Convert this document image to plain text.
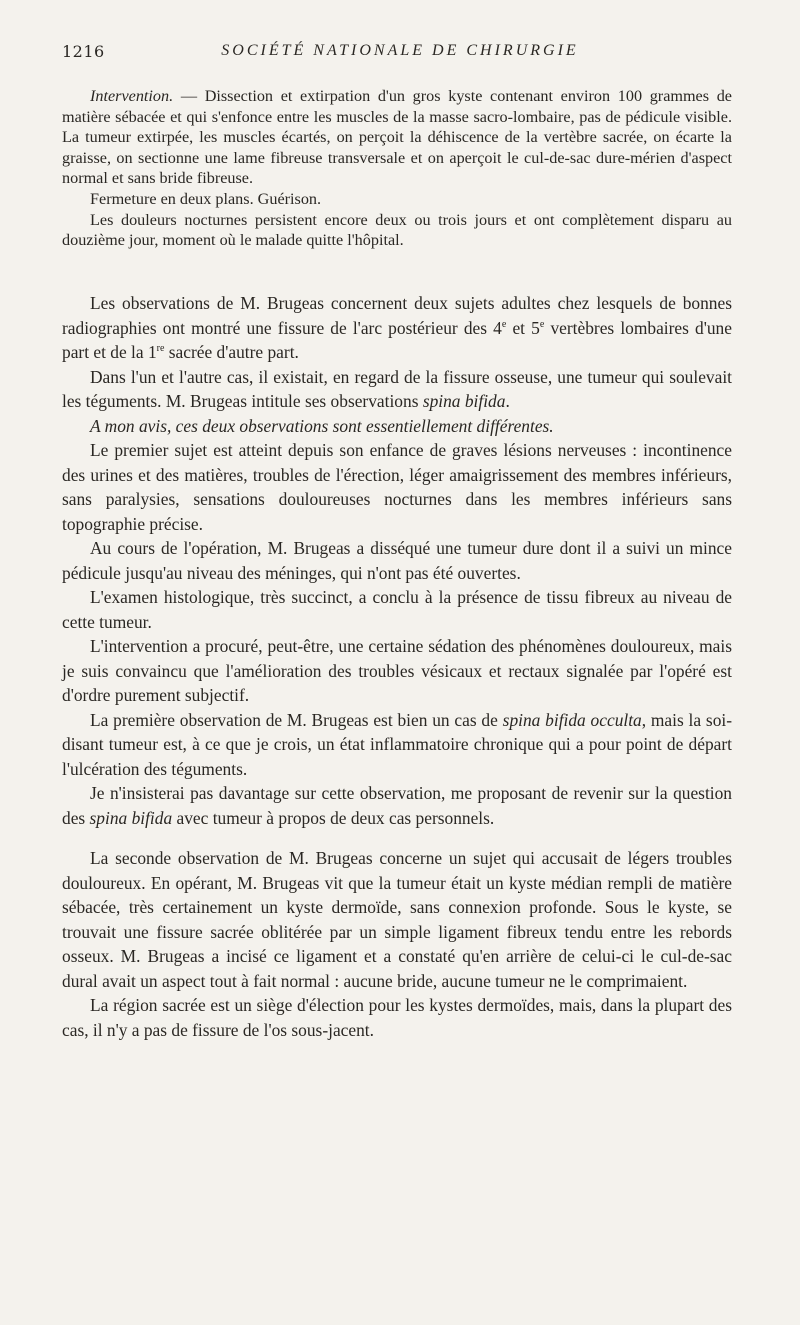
1216	SOCIÉTÉ NATIONALE DE CHIRURGIE

Intervention. — Dissection et extirpation d'un gros kyste contenant environ 100 grammes de matière sébacée et qui s'enfonce entre les muscles de la masse sacro-lombaire, pas de pédicule visible. La tumeur extirpée, les muscles écartés, on perçoit la déhiscence de la vertèbre sacrée, on écarte la graisse, on sectionne une lame fibreuse transversale et on aperçoit le cul-de-sac dure-mérien d'aspect normal et sans bride fibreuse.

Fermeture en deux plans. Guérison.

Les douleurs nocturnes persistent encore deux ou trois jours et ont complètement disparu au douzième jour, moment où le malade quitte l'hôpital.

Les observations de M. Brugeas concernent deux sujets adultes chez lesquels de bonnes radiographies ont montré une fissure de l'arc postérieur des 4e et 5e vertèbres lombaires d'une part et de la 1re sacrée d'autre part.

Dans l'un et l'autre cas, il existait, en regard de la fissure osseuse, une tumeur qui soulevait les téguments. M. Brugeas intitule ses observations spina bifida.

A mon avis, ces deux observations sont essentiellement différentes.

Le premier sujet est atteint depuis son enfance de graves lésions nerveuses : incontinence des urines et des matières, troubles de l'érection, léger amaigrissement des membres inférieurs, sans paralysies, sensations douloureuses nocturnes dans les membres inférieurs sans topographie précise.

Au cours de l'opération, M. Brugeas a disséqué une tumeur dure dont il a suivi un mince pédicule jusqu'au niveau des méninges, qui n'ont pas été ouvertes.

L'examen histologique, très succinct, a conclu à la présence de tissu fibreux au niveau de cette tumeur.

L'intervention a procuré, peut-être, une certaine sédation des phénomènes douloureux, mais je suis convaincu que l'amélioration des troubles vésicaux et rectaux signalée par l'opéré est d'ordre purement subjectif.

La première observation de M. Brugeas est bien un cas de spina bifida occulta, mais la soi-disant tumeur est, à ce que je crois, un état inflammatoire chronique qui a pour point de départ l'ulcération des téguments.

Je n'insisterai pas davantage sur cette observation, me proposant de revenir sur la question des spina bifida avec tumeur à propos de deux cas personnels.

La seconde observation de M. Brugeas concerne un sujet qui accusait de légers troubles douloureux. En opérant, M. Brugeas vit que la tumeur était un kyste médian rempli de matière sébacée, très certainement un kyste dermoïde, sans connexion profonde. Sous le kyste, se trouvait une fissure sacrée oblitérée par un simple ligament fibreux tendu entre les rebords osseux. M. Brugeas a incisé ce ligament et a constaté qu'en arrière de celui-ci le cul-de-sac dural avait un aspect tout à fait normal : aucune bride, aucune tumeur ne le comprimaient.

La région sacrée est un siège d'élection pour les kystes dermoïdes, mais, dans la plupart des cas, il n'y a pas de fissure de l'os sous-jacent.
